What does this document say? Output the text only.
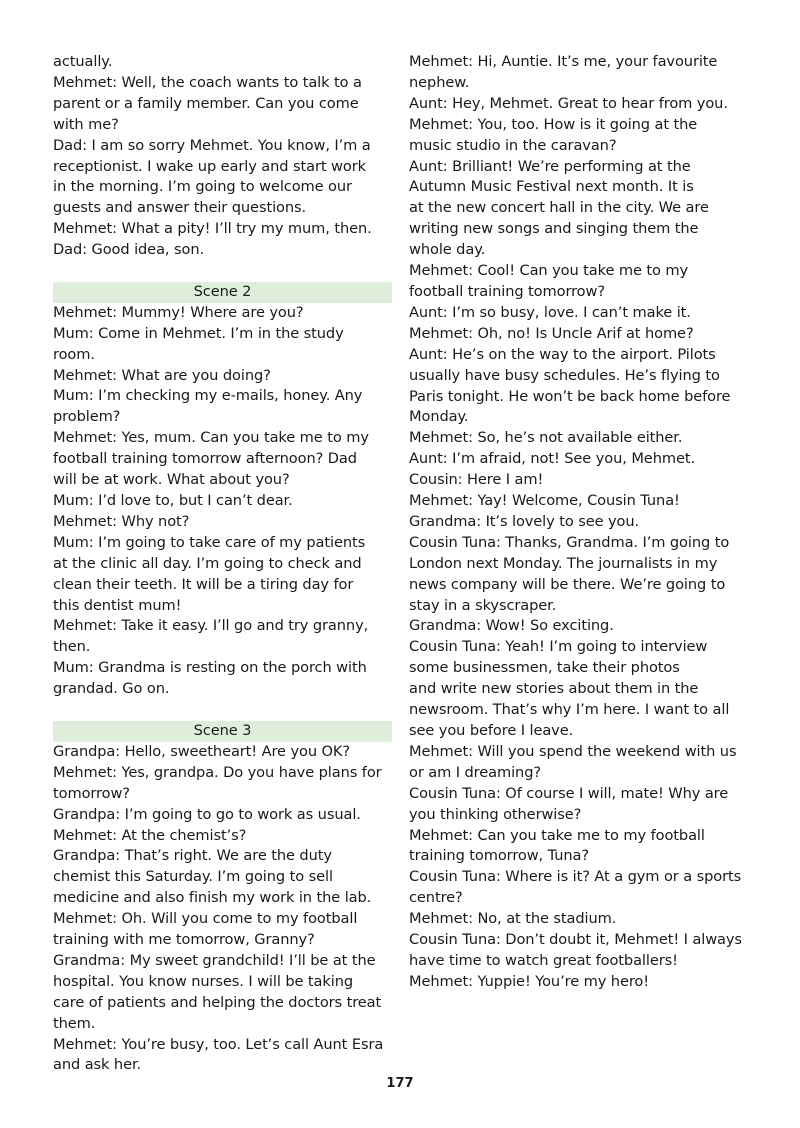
actually.
Mehmet: Well, the coach wants to talk to a
parent or a family member. Can you come
with me?
Dad: I am so sorry Mehmet. You know, I’m a
receptionist. I wake up early and start work
in the morning. I’m going to welcome our
guests and answer their questions.
Mehmet: What a pity! I’ll try my mum, then.
Dad: Good idea, son.
Scene 2
Mehmet: Mummy! Where are you?
Mum: Come in Mehmet. I’m in the study
room.
Mehmet: What are you doing?
Mum: I’m checking my e-mails, honey. Any
problem?
Mehmet: Yes, mum. Can you take me to my
football training tomorrow afternoon? Dad
will be at work. What about you?
Mum: I’d love to, but I can’t dear.
Mehmet: Why not?
Mum: I’m going to take care of my patients
at the clinic all day. I’m going to check and
clean their teeth. It will be a tiring day for
this dentist mum!
Mehmet: Take it easy. I’ll go and try granny,
then.
Mum: Grandma is resting on the porch with
grandad. Go on.
Scene 3
Grandpa: Hello, sweetheart! Are you OK?
Mehmet: Yes, grandpa. Do you have plans for
tomorrow?
Grandpa: I’m going to go to work as usual.
Mehmet: At the chemist’s?
Grandpa: That’s right. We are the duty
chemist this Saturday. I’m going to sell
medicine and also finish my work in the lab.
Mehmet: Oh. Will you come to my football
training with me tomorrow, Granny?
Grandma: My sweet grandchild! I’ll be at the
hospital. You know nurses. I will be taking
care of patients and helping the doctors treat
them.
Mehmet: You’re busy, too. Let’s call Aunt Esra
and ask her.
Mehmet: Hi, Auntie. It’s me, your favourite
nephew.
Aunt: Hey, Mehmet. Great to hear from you.
Mehmet: You, too. How is it going at the
music studio in the caravan?
Aunt: Brilliant! We’re performing at the
Autumn Music Festival next month. It is
at the new concert hall in the city. We are
writing new songs and singing them the
whole day.
Mehmet: Cool! Can you take me to my
football training tomorrow?
Aunt: I’m so busy, love. I can’t make it.
Mehmet: Oh, no! Is Uncle Arif at home?
Aunt: He’s on the way to the airport. Pilots
usually have busy schedules. He’s flying to
Paris tonight. He won’t be back home before
Monday.
Mehmet: So, he’s not available either.
Aunt: I’m afraid, not! See you, Mehmet.
Cousin: Here I am!
Mehmet: Yay! Welcome, Cousin Tuna!
Grandma: It’s lovely to see you.
Cousin Tuna: Thanks, Grandma. I’m going to
London next Monday. The journalists in my
news company will be there. We’re going to
stay in a skyscraper.
Grandma: Wow! So exciting.
Cousin Tuna: Yeah! I’m going to interview
some businessmen, take their photos
and write new stories about them in the
newsroom. That’s why I’m here. I want to all
see you before I leave.
Mehmet: Will you spend the weekend with us
or am I dreaming?
Cousin Tuna: Of course I will, mate! Why are
you thinking otherwise?
Mehmet: Can you take me to my football
training tomorrow, Tuna?
Cousin Tuna: Where is it? At a gym or a sports
centre?
Mehmet: No, at the stadium.
Cousin Tuna: Don’t doubt it, Mehmet! I always
have time to watch great footballers!
Mehmet: Yuppie! You’re my hero!
177
